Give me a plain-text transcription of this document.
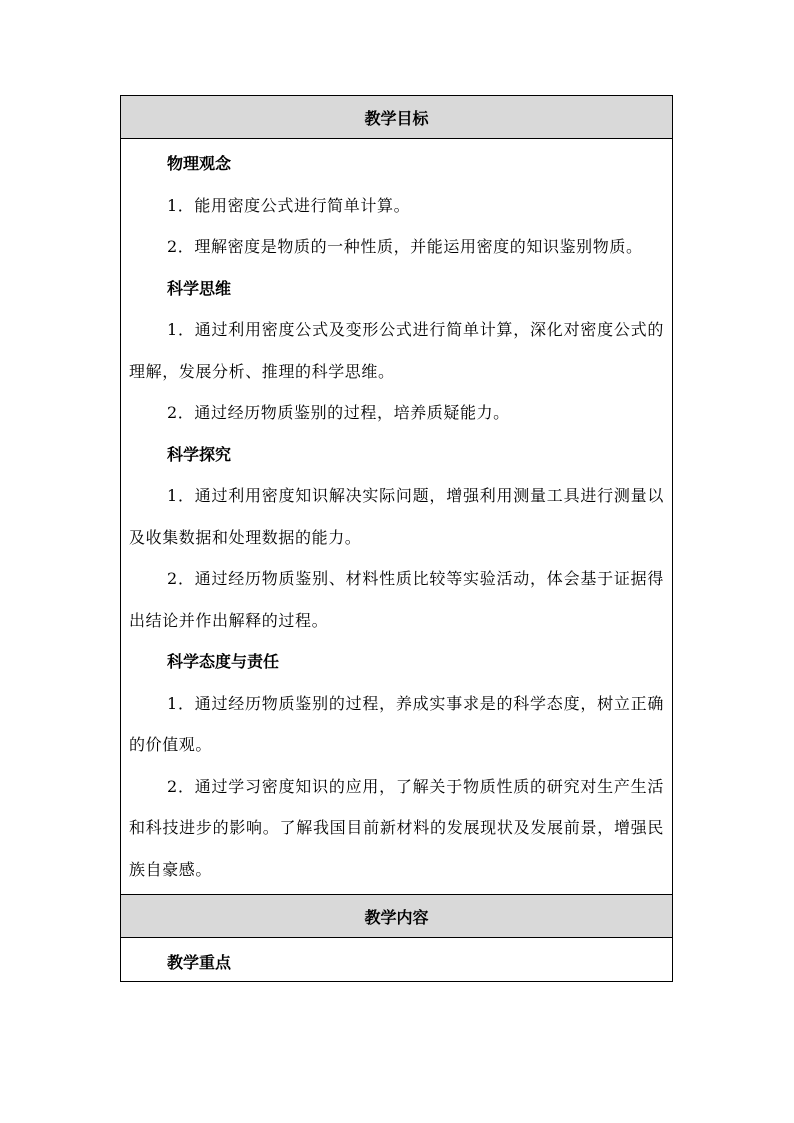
教学目标
物理观念
1．能用密度公式进行简单计算。
2．理解密度是物质的一种性质，并能运用密度的知识鉴别物质。
科学思维
1．通过利用密度公式及变形公式进行简单计算，深化对密度公式的理解，发展分析、推理的科学思维。
2．通过经历物质鉴别的过程，培养质疑能力。
科学探究
1．通过利用密度知识解决实际问题，增强利用测量工具进行测量以及收集数据和处理数据的能力。
2．通过经历物质鉴别、材料性质比较等实验活动，体会基于证据得出结论并作出解释的过程。
科学态度与责任
1．通过经历物质鉴别的过程，养成实事求是的科学态度，树立正确的价值观。
2．通过学习密度知识的应用，了解关于物质性质的研究对生产生活和科技进步的影响。了解我国目前新材料的发展现状及发展前景，增强民族自豪感。
教学内容
教学重点
